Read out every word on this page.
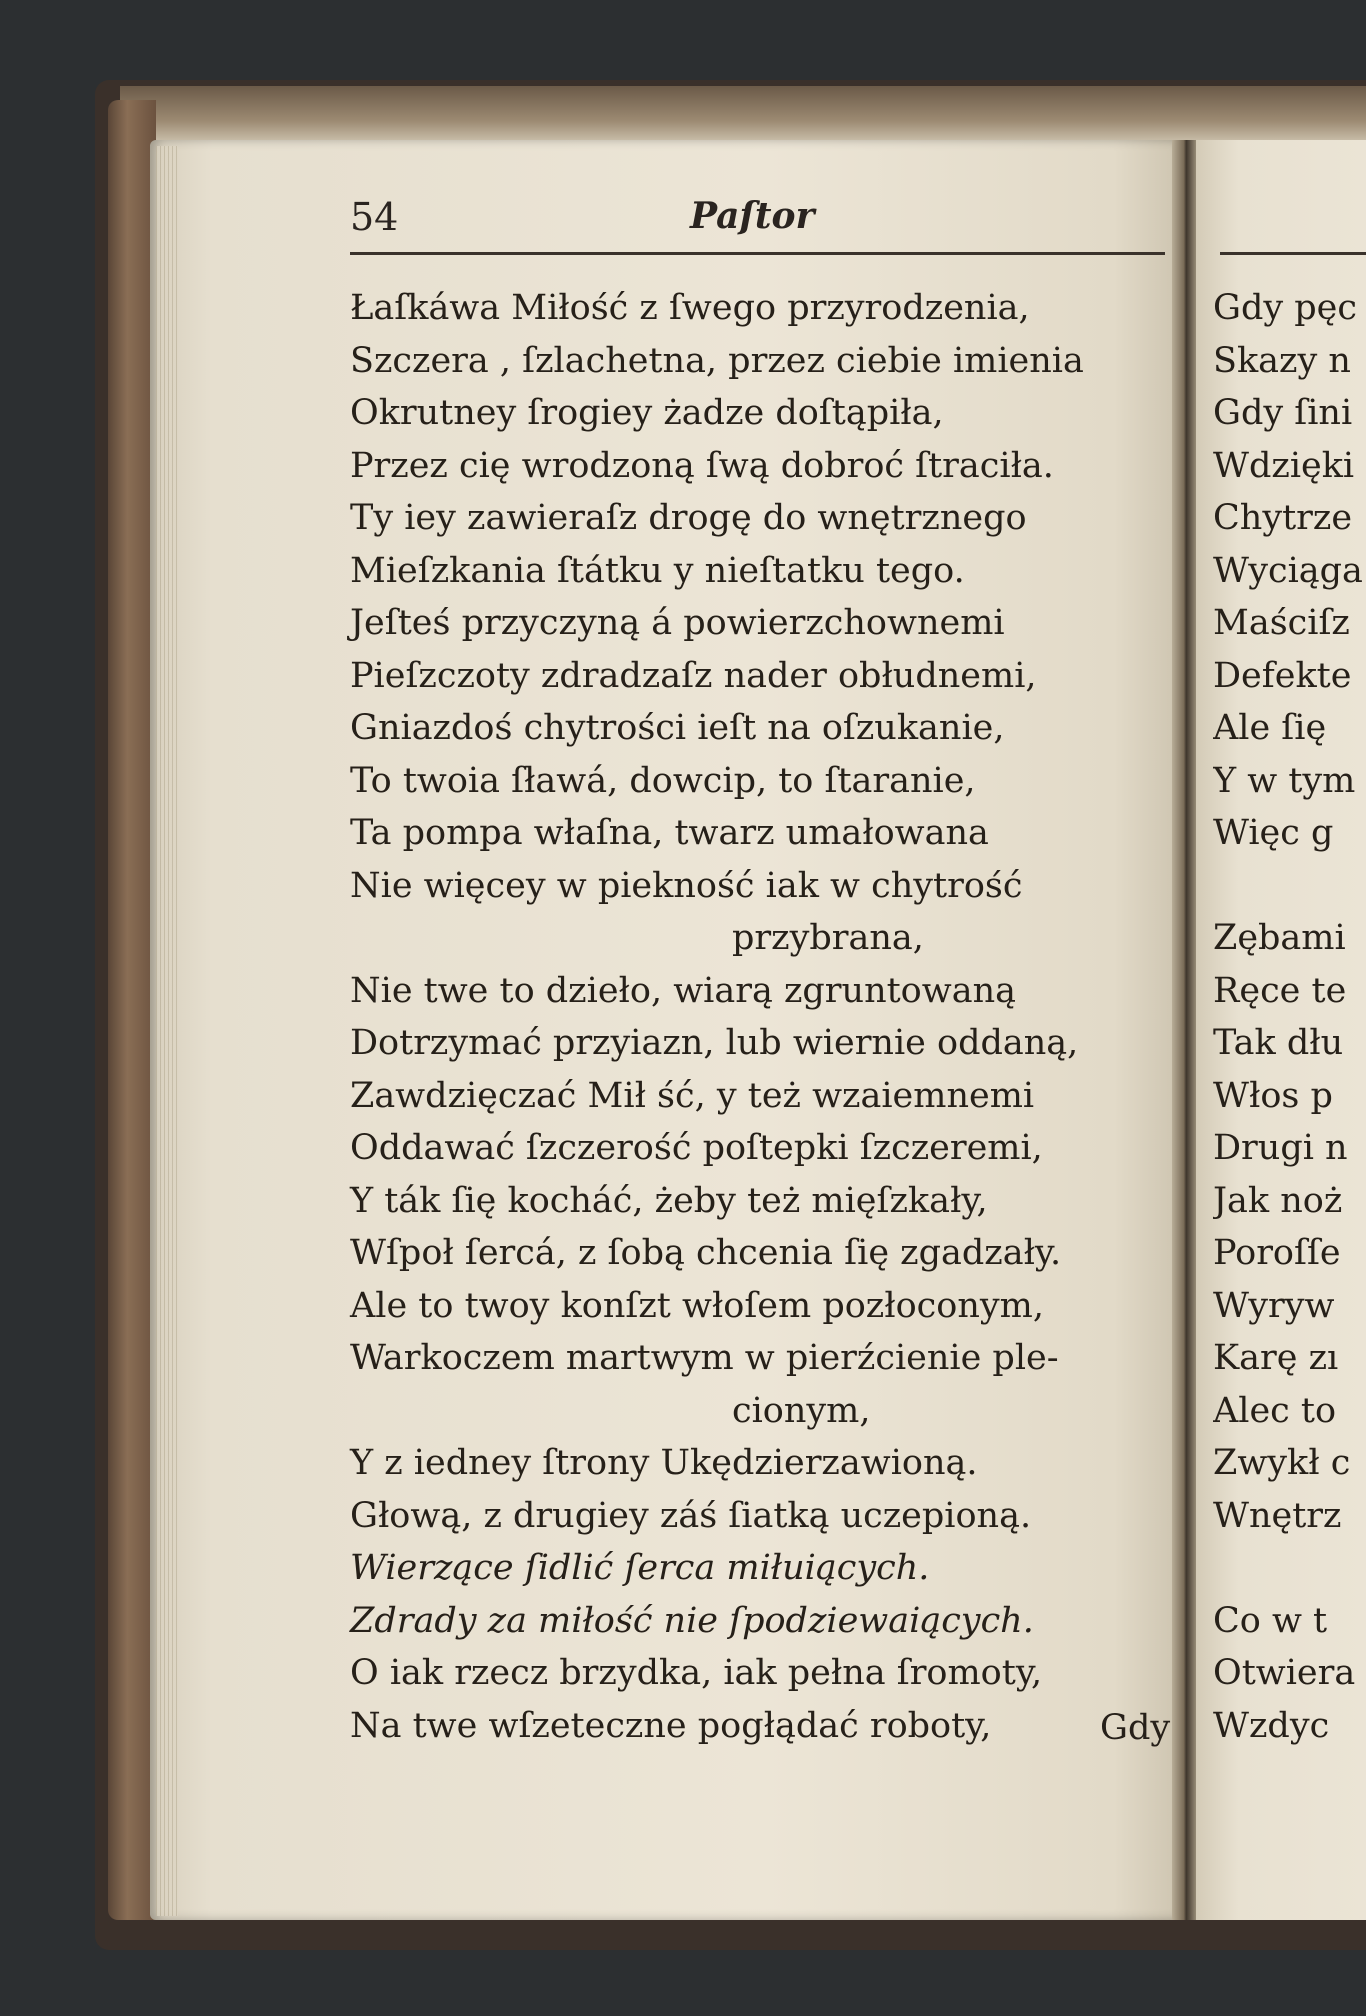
54	Paſtor
Łaſkáwa Miłość z ſwego przyrodzenia,
Szczera , ſzlachetna, przez ciebie imienia
Okrutney ſrogiey żadze doſtąpiła,
Przez cię wrodzoną ſwą dobroć ſtraciła.
Ty iey zawieraſz drogę do wnętrznego
Mieſzkania ſtátku y nieſtatku tego.
Jeſteś przyczyną á powierzchownemi
Pieſzczoty zdradzaſz nader obłudnemi,
Gniazdoś chytrości ieſt na oſzukanie,
To twoia ſławá, dowcip, to ſtaranie,
Ta pompa właſna, twarz umałowana
Nie więcey w piekność iak w chytrość
przybrana,
Nie twe to dzieło, wiarą zgruntowaną
Dotrzymać przyiazn, lub wiernie oddaną,
Zawdzięczać Mił ść, y też wzaiemnemi
Oddawać ſzczerość poſtepki ſzczeremi,
Y ták ſię kocháć, żeby też mięſzkały,
Wſpoł ſercá, z ſobą chcenia ſię zgadzały.
Ale to twoy konſzt włoſem pozłoconym,
Warkoczem martwym w pierźcienie ple-
cionym,
Y z iedney ſtrony Ukędzierzawioną.
Głową, z drugiey záś ſiatką uczepioną.
Wierzące ſidlić ſerca miłuiących.
Zdrady za miłość nie ſpodziewaiących.
O iak rzecz brzydka, iak pełna ſromoty,
Na twe wſzeteczne pogłądać roboty,	Gdy
Gdy pęc
Skazy n
Gdy ſini
Wdzięki
Chytrze
Wyciąga
Maściſz
Defekte
Ale ſię
Y w tym
Więc g
Zębami
Ręce te
Tak dłu
Włos p
Drugi n
Jak noż
Poroſſe
Wyryw
Karę zı
Alec to
Zwykł c
Wnętrz
Co w t
Otwiera
Wzdyc
